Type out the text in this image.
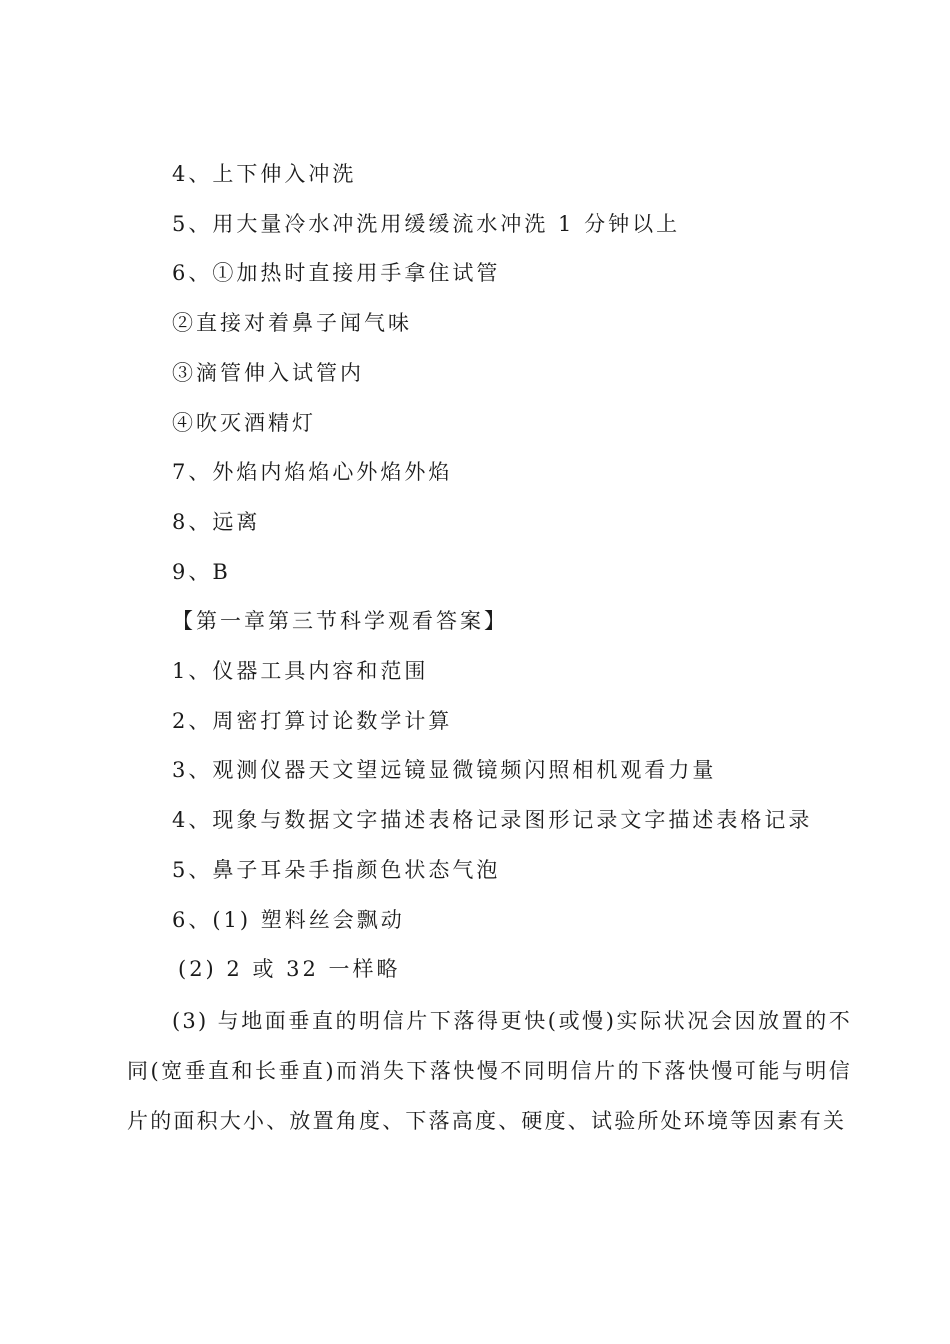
4、上下伸入冲洗
5、用大量冷水冲洗用缓缓流水冲洗 1 分钟以上
6、①加热时直接用手拿住试管
②直接对着鼻子闻气味
③滴管伸入试管内
④吹灭酒精灯
7、外焰内焰焰心外焰外焰
8、远离
9、B
【第一章第三节科学观看答案】
1、仪器工具内容和范围
2、周密打算讨论数学计算
3、观测仪器天文望远镜显微镜频闪照相机观看力量
4、现象与数据文字描述表格记录图形记录文字描述表格记录
5、鼻子耳朵手指颜色状态气泡
6、(1) 塑料丝会飘动
(2) 2 或 32 一样略
(3) 与地面垂直的明信片下落得更快(或慢)实际状况会因放置的不同(宽垂直和长垂直)而消失下落快慢不同明信片的下落快慢可能与明信片的面积大小、放置角度、下落高度、硬度、试验所处环境等因素有关
